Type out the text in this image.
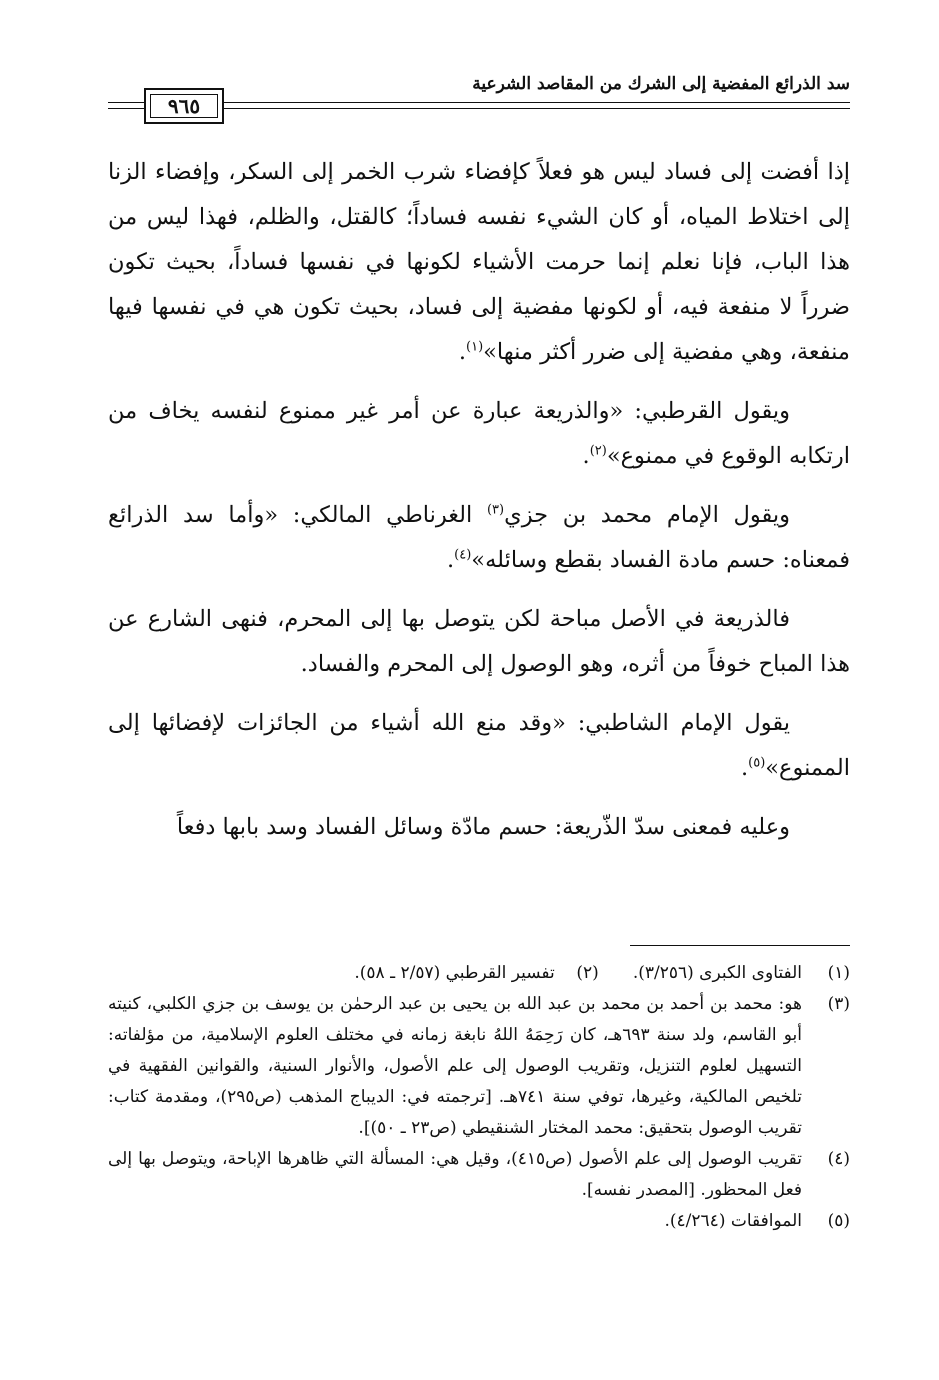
سد الذرائع المفضية إلى الشرك من المقاصد الشرعية
٩٦٥

إذا أفضت إلى فساد ليس هو فعلاً كإفضاء شرب الخمر إلى السكر، وإفضاء الزنا إلى اختلاط المياه، أو كان الشيء نفسه فساداً؛ كالقتل، والظلم، فهذا ليس من هذا الباب، فإنا نعلم إنما حرمت الأشياء لكونها في نفسها فساداً، بحيث تكون ضرراً لا منفعة فيه، أو لكونها مفضية إلى فساد، بحيث تكون هي في نفسها فيها منفعة، وهي مفضية إلى ضرر أكثر منها»$^{(١)}$.

ويقول القرطبي: «والذريعة عبارة عن أمر غير ممنوع لنفسه يخاف من ارتكابه الوقوع في ممنوع»$^{(٢)}$.

ويقول الإمام محمد بن جزي$^{(٣)}$ الغرناطي المالكي: «وأما سد الذرائع فمعناه: حسم مادة الفساد بقطع وسائله»$^{(٤)}$.

فالذريعة في الأصل مباحة لكن يتوصل بها إلى المحرم، فنهى الشارع عن هذا المباح خوفاً من أثره، وهو الوصول إلى المحرم والفساد.

يقول الإمام الشاطبي: «وقد منع الله أشياء من الجائزات لإفضائها إلى الممنوع»$^{(٥)}$.

وعليه فمعنى سدّ الذّريعة: حسم مادّة وسائل الفساد وسد بابها دفعاً

(١)
الفتاوى الكبرى (٣/٢٥٦).
(٢)    تفسير القرطبي (٢/٥٧ ـ ٥٨).
(٣)
هو: محمد بن أحمد بن محمد بن عبد الله بن يحيى بن عبد الرحمٰن بن يوسف بن جزي الكلبي، كنيته أبو القاسم، ولد سنة ٦٩٣هـ، كان رَحِمَهُ اللهُ نابغة زمانه في مختلف العلوم الإسلامية، من مؤلفاته: التسهيل لعلوم التنزيل، وتقريب الوصول إلى علم الأصول، والأنوار السنية، والقوانين الفقهية في تلخيص المالكية، وغيرها، توفي سنة ٧٤١هـ. [ترجمته في: الديباج المذهب (ص٢٩٥)، ومقدمة كتاب: تقريب الوصول بتحقيق: محمد المختار الشنقيطي (ص٢٣ ـ ٥٠)].
(٤)
تقريب الوصول إلى علم الأصول (ص٤١٥)، وقيل هي: المسألة التي ظاهرها الإباحة، ويتوصل بها إلى فعل المحظور. [المصدر نفسه].
(٥)
الموافقات (٤/٢٦٤).
